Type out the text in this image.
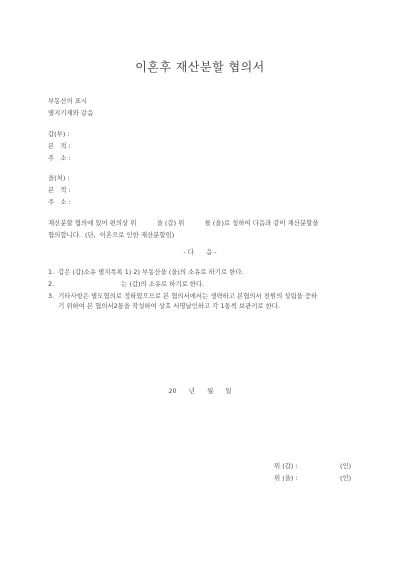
이혼후 재산분할 협의서
부동산의 표시
별지기재와 같음
갑(부) :
본   적 :
주   소 :
을(처) :
본   적 :
주   소 :
재산분할 협의에 있어 편의상 위          을 (갑) 위          를 (을)로 칭하여 다음과 같이 재산분할을
협의합니다.  (단,  이혼으로 인한 재산분할임)
- 다      음 -
1.  갑은 (갑)소유 별지목록 1) 2) 부동산을 (을)의 소유로 하기로 한다.
2.                                 는 (갑)의 소유로 하기로 한다.
3.  기타사항은 별도협의로 정하였으므로 본 협의서에서는 생략하고 본협의서 전원의 성립을 증하
기 위하여 본 협의서2통을 작성하여 상호 서명날인하고 각 1통씩 보관키로 한다.
20      년      월      일
위 (갑) :	(인)
위 (을) :	(인)
